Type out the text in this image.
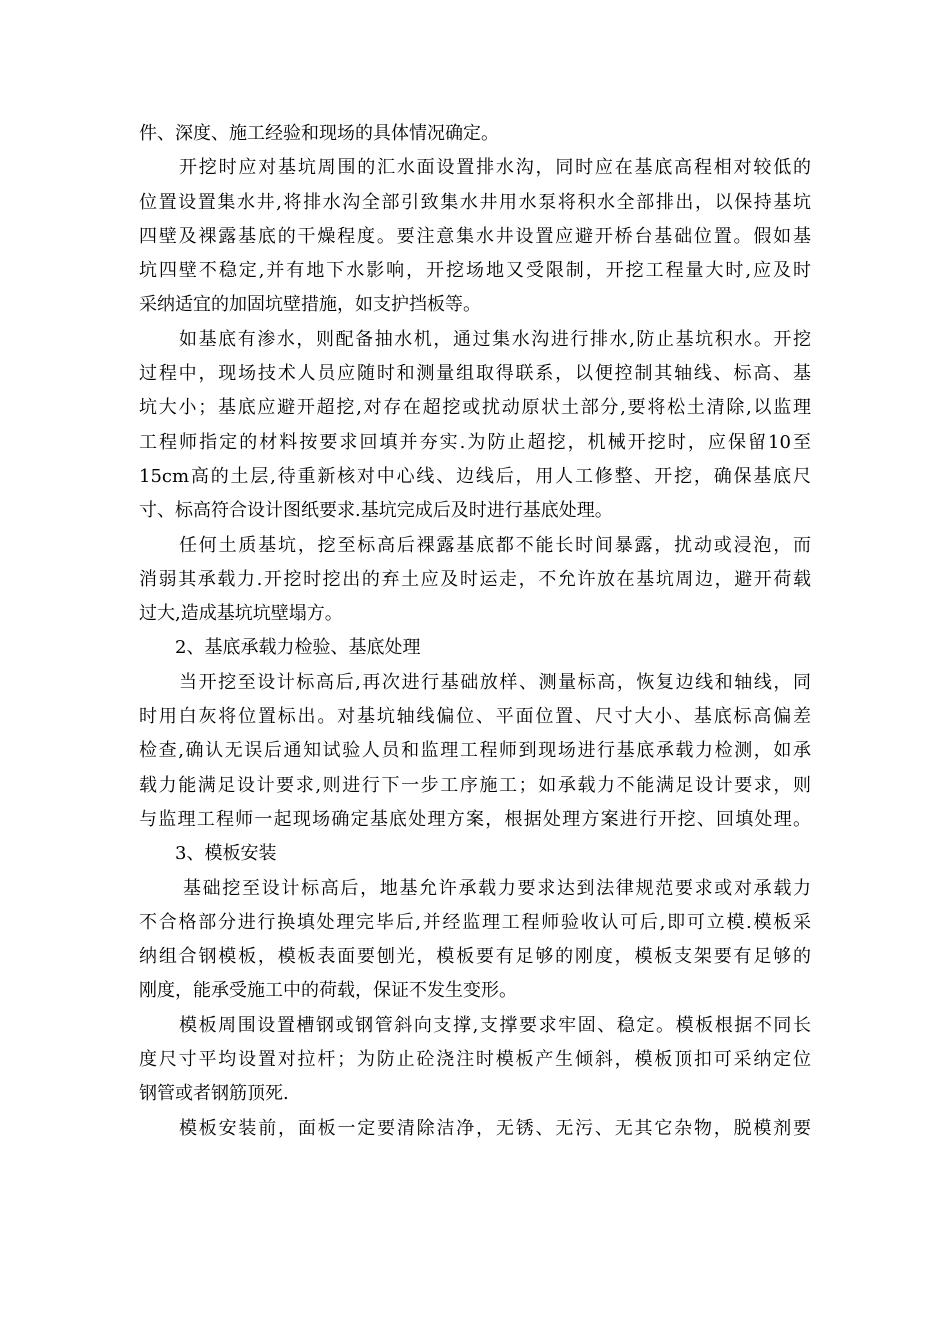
件、深度、施工经验和现场的具体情况确定。
开挖时应对基坑周围的汇水面设置排水沟，同时应在基底高程相对较低的
位置设置集水井,将排水沟全部引致集水井用水泵将积水全部排出，以保持基坑
四壁及裸露基底的干燥程度。要注意集水井设置应避开桥台基础位置。假如基
坑四壁不稳定,并有地下水影响，开挖场地又受限制，开挖工程量大时,应及时
采纳适宜的加固坑壁措施，如支护挡板等。
如基底有渗水，则配备抽水机，通过集水沟进行排水,防止基坑积水。开挖
过程中，现场技术人员应随时和测量组取得联系，以便控制其轴线、标高、基
坑大小；基底应避开超挖,对存在超挖或扰动原状土部分,要将松土清除,以监理
工程师指定的材料按要求回填并夯实.为防止超挖，机械开挖时，应保留10至
15cm高的土层,待重新核对中心线、边线后，用人工修整、开挖，确保基底尺
寸、标高符合设计图纸要求.基坑完成后及时进行基底处理。
任何土质基坑，挖至标高后裸露基底都不能长时间暴露，扰动或浸泡，而
消弱其承载力.开挖时挖出的弃土应及时运走，不允许放在基坑周边，避开荷载
过大,造成基坑坑壁塌方。
2、基底承载力检验、基底处理
当开挖至设计标高后,再次进行基础放样、测量标高，恢复边线和轴线，同
时用白灰将位置标出。对基坑轴线偏位、平面位置、尺寸大小、基底标高偏差
检查,确认无误后通知试验人员和监理工程师到现场进行基底承载力检测，如承
载力能满足设计要求,则进行下一步工序施工；如承载力不能满足设计要求，则
与监理工程师一起现场确定基底处理方案，根据处理方案进行开挖、回填处理。
3、模板安装
基础挖至设计标高后，地基允许承载力要求达到法律规范要求或对承载力
不合格部分进行换填处理完毕后,并经监理工程师验收认可后,即可立模.模板采
纳组合钢模板，模板表面要刨光，模板要有足够的刚度，模板支架要有足够的
刚度，能承受施工中的荷载，保证不发生变形。
模板周围设置槽钢或钢管斜向支撑,支撑要求牢固、稳定。模板根据不同长
度尺寸平均设置对拉杆；为防止砼浇注时模板产生倾斜，模板顶扣可采纳定位
钢管或者钢筋顶死.
模板安装前，面板一定要清除洁净，无锈、无污、无其它杂物，脱模剂要
